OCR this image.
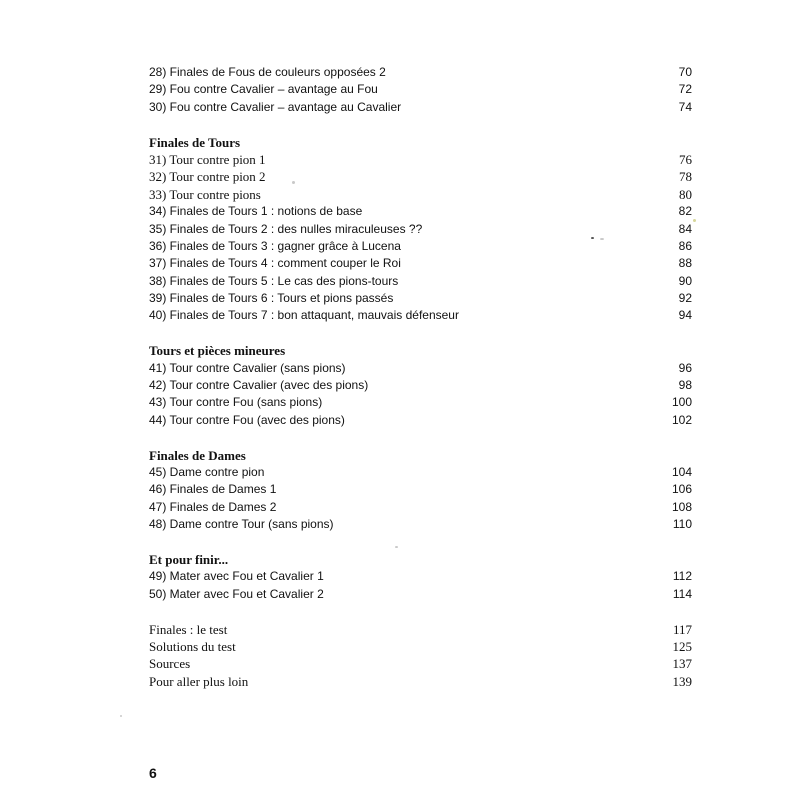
28) Finales de Fous de couleurs opposées 2	70
29) Fou contre Cavalier – avantage au Fou	72
30) Fou contre Cavalier – avantage au Cavalier	74
Finales de Tours
31) Tour contre pion 1	76
32) Tour contre pion 2	78
33) Tour contre pions	80
34) Finales de Tours 1 : notions de base	82
35) Finales de Tours 2 : des nulles miraculeuses ??	84
36) Finales de Tours 3 : gagner grâce à Lucena	86
37) Finales de Tours 4 : comment couper le Roi	88
38) Finales de Tours 5 : Le cas des pions-tours	90
39) Finales de Tours 6 : Tours et pions passés	92
40) Finales de Tours 7 : bon attaquant, mauvais défenseur	94
Tours et pièces mineures
41) Tour contre Cavalier (sans pions)	96
42) Tour contre Cavalier (avec des pions)	98
43) Tour contre Fou (sans pions)	100
44) Tour contre Fou (avec des pions)	102
Finales de Dames
45) Dame contre pion	104
46) Finales de Dames 1	106
47) Finales de Dames 2	108
48) Dame contre Tour (sans pions)	110
Et pour finir...
49) Mater avec Fou et Cavalier 1	112
50) Mater avec Fou et Cavalier 2	114
Finales : le test	117
Solutions du test	125
Sources	137
Pour aller plus loin	139
6
